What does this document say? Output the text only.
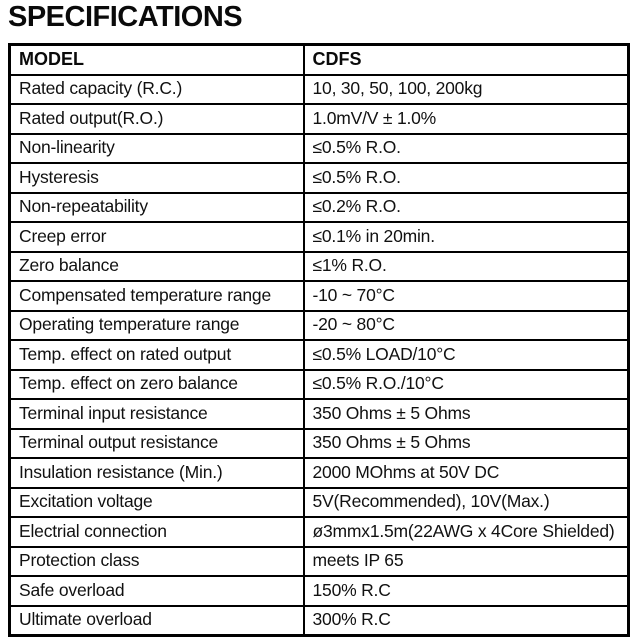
SPECIFICATIONS
MODEL	CDFS
Rated capacity (R.C.)	10, 30, 50, 100, 200kg
Rated output(R.O.)	1.0mV/V ± 1.0%
Non-linearity	≤0.5% R.O.
Hysteresis	≤0.5% R.O.
Non-repeatability	≤0.2% R.O.
Creep error	≤0.1% in 20min.
Zero balance	≤1% R.O.
Compensated temperature range	-10 ~ 70°C
Operating temperature range	-20 ~ 80°C
Temp. effect on rated output	≤0.5% LOAD/10°C
Temp. effect on zero balance	≤0.5% R.O./10°C
Terminal input resistance	350 Ohms ± 5 Ohms
Terminal output resistance	350 Ohms ± 5 Ohms
Insulation resistance (Min.)	2000 MOhms at 50V DC
Excitation voltage	5V(Recommended), 10V(Max.)
Electrial connection	ø3mmx1.5m(22AWG x 4Core Shielded)
Protection class	meets IP 65
Safe overload	150% R.C
Ultimate overload	300% R.C
